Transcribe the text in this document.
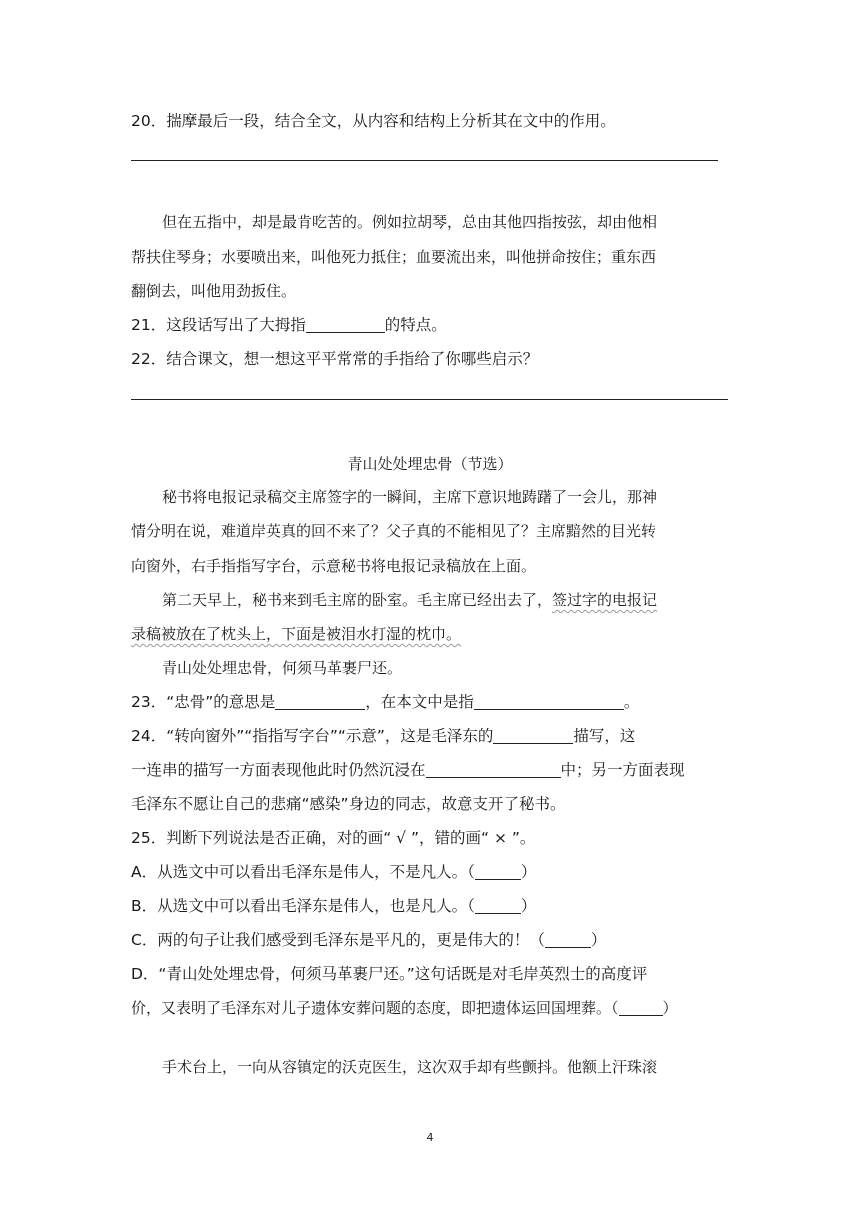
20．揣摩最后一段，结合全文，从内容和结构上分析其在文中的作用。
但在五指中，却是最肯吃苦的。例如拉胡琴，总由其他四指按弦，却由他相
帮扶住琴身；水要喷出来，叫他死力抵住；血要流出来，叫他拼命按住；重东西
翻倒去，叫他用劲扳住。
21．这段话写出了大拇指	的特点。
22．结合课文，想一想这平平常常的手指给了你哪些启示？
青山处处埋忠骨（节选）
秘书将电报记录稿交主席签字的一瞬间，主席下意识地踌躇了一会儿，那神
情分明在说，难道岸英真的回不来了？父子真的不能相见了？主席黯然的目光转
向窗外，右手指指写字台，示意秘书将电报记录稿放在上面。
第二天早上，秘书来到毛主席的卧室。毛主席已经出去了，签过字的电报记
录稿被放在了枕头上，下面是被泪水打湿的枕巾。
青山处处埋忠骨，何须马革裹尸还。
23．“忠骨”的意思是	，在本文中是指	。
24．“转向窗外”“指指写字台”“示意”，这是毛泽东的	描写，这
一连串的描写一方面表现他此时仍然沉浸在	中；另一方面表现
毛泽东不愿让自己的悲痛“感染”身边的同志，故意支开了秘书。
25．判断下列说法是否正确，对的画“ √ ”，错的画“ × ”。
A．从选文中可以看出毛泽东是伟人，不是凡人。（	）
B．从选文中可以看出毛泽东是伟人，也是凡人。（	）
C．两的句子让我们感受到毛泽东是平凡的，更是伟大的！（	）
D．“青山处处埋忠骨，何须马革裹尸还。”这句话既是对毛岸英烈士的高度评
价，又表明了毛泽东对儿子遗体安葬问题的态度，即把遗体运回国埋葬。（	）
手术台上，一向从容镇定的沃克医生，这次双手却有些颤抖。他额上汗珠滚
4
